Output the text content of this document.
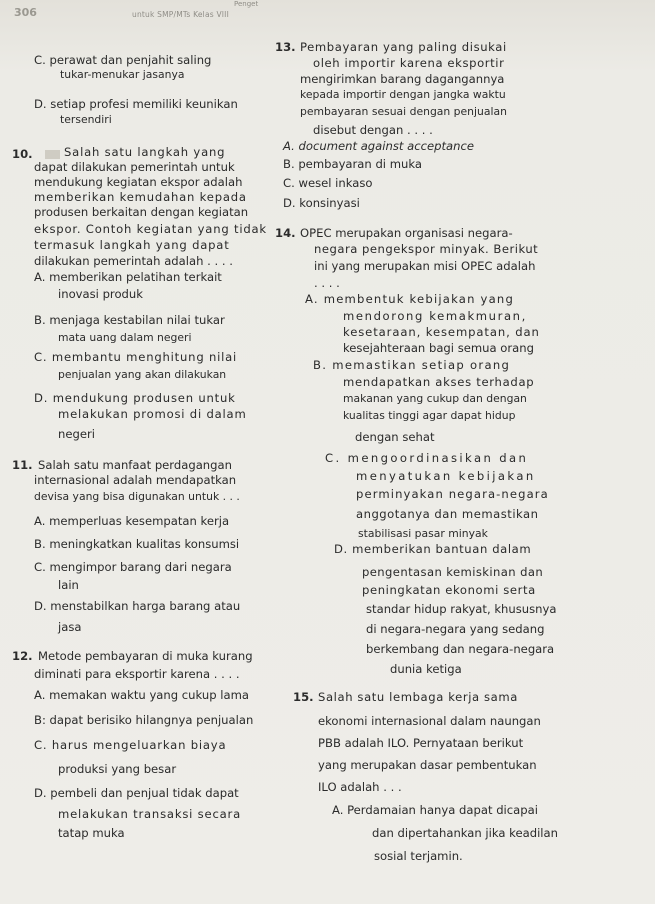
306	untuk SMP/MTs Kelas VIII
Penget
C. perawat dan penjahit saling
tukar-menukar jasanya
D. setiap profesi memiliki keunikan
tersendiri
10.	Salah satu langkah yang
dapat dilakukan pemerintah untuk
mendukung kegiatan ekspor adalah
memberikan kemudahan kepada
produsen berkaitan dengan kegiatan
ekspor. Contoh kegiatan yang tidak
termasuk langkah yang dapat
dilakukan pemerintah adalah . . . .
A. memberikan pelatihan terkait
inovasi produk
B. menjaga kestabilan nilai tukar
mata uang dalam negeri
C. membantu menghitung nilai
penjualan yang akan dilakukan
D. mendukung produsen untuk
melakukan promosi di dalam
negeri
11. Salah satu manfaat perdagangan
internasional adalah mendapatkan
devisa yang bisa digunakan untuk . . .
A. memperluas kesempatan kerja
B. meningkatkan kualitas konsumsi
C. mengimpor barang dari negara
lain
D. menstabilkan harga barang atau
jasa
12. Metode pembayaran di muka kurang
diminati para eksportir karena . . . .
A. memakan waktu yang cukup lama
B: dapat berisiko hilangnya penjualan
C. harus mengeluarkan biaya
produksi yang besar
D. pembeli dan penjual tidak dapat
melakukan transaksi secara
tatap muka
13. Pembayaran yang paling disukai
oleh importir karena eksportir
mengirimkan barang dagangannya
kepada importir dengan jangka waktu
pembayaran sesuai dengan penjualan
disebut dengan . . . .
A. document against acceptance
B. pembayaran di muka
C. wesel inkaso
D. konsinyasi
14. OPEC merupakan organisasi negara-
negara pengekspor minyak. Berikut
ini yang merupakan misi OPEC adalah
. . . .
A. membentuk kebijakan yang
mendorong kemakmuran,
kesetaraan, kesempatan, dan
kesejahteraan bagi semua orang
B. memastikan setiap orang
mendapatkan akses terhadap
makanan yang cukup dan dengan
kualitas tinggi agar dapat hidup
dengan sehat
C. mengoordinasikan dan
menyatukan kebijakan
perminyakan negara-negara
anggotanya dan memastikan
stabilisasi pasar minyak
D. memberikan bantuan dalam
pengentasan kemiskinan dan
peningkatan ekonomi serta
standar hidup rakyat, khususnya
di negara-negara yang sedang
berkembang dan negara-negara
dunia ketiga
15. Salah satu lembaga kerja sama
ekonomi internasional dalam naungan
PBB adalah ILO. Pernyataan berikut
yang merupakan dasar pembentukan
ILO adalah . . .
A. Perdamaian hanya dapat dicapai
dan dipertahankan jika keadilan
sosial terjamin.
